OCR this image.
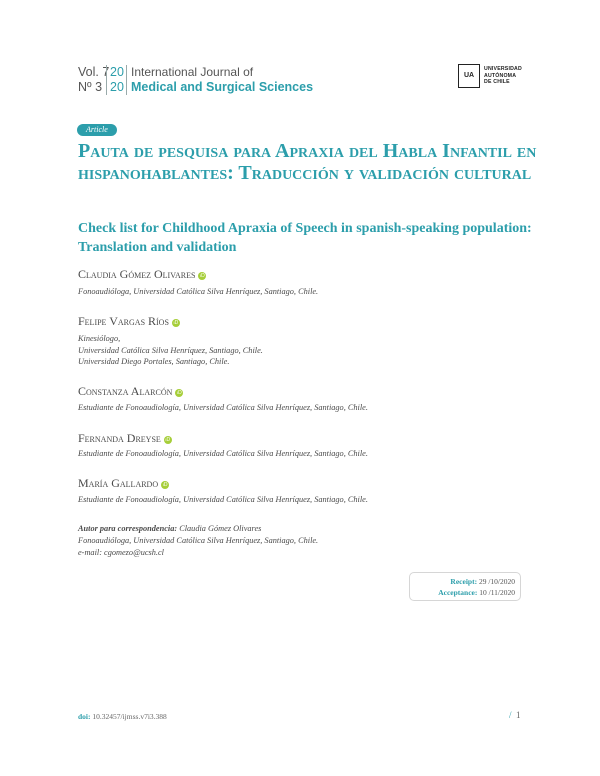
Vol. 7
Nº 3
20
20
International Journal of
Medical and Surgical Sciences
UA
UNIVERSIDAD
AUTÓNOMA
DE CHILE
Article
Pauta de pesquisa para Apraxia del Habla Infantil en hispanohablantes: Traducción y validación cultural
Check list for Childhood Apraxia of Speech in spanish-speaking population: Translation and validation
Claudia Gómez Olivares iD
Fonoaudióloga, Universidad Católica Silva Henríquez, Santiago, Chile.
Felipe Vargas Ríos iD
Kinesiólogo,
Universidad Católica Silva Henríquez, Santiago, Chile.
Universidad Diego Portales, Santiago, Chile.
Constanza Alarcón iD
Estudiante de Fonoaudiología, Universidad Católica Silva Henríquez, Santiago, Chile.
Fernanda Dreyse iD
Estudiante de Fonoaudiología, Universidad Católica Silva Henríquez, Santiago, Chile.
María Gallardo iD
Estudiante de Fonoaudiología, Universidad Católica Silva Henríquez, Santiago, Chile.
Autor para correspondencia: Claudia Gómez Olivares
Fonoaudióloga, Universidad Católica Silva Henríquez, Santiago, Chile.
e-mail: cgomezo@ucsh.cl
Receipt: 29 /10/2020
Acceptance: 10 /11/2020
doi: 10.32457/ijmss.v7i3.388	/ 1
